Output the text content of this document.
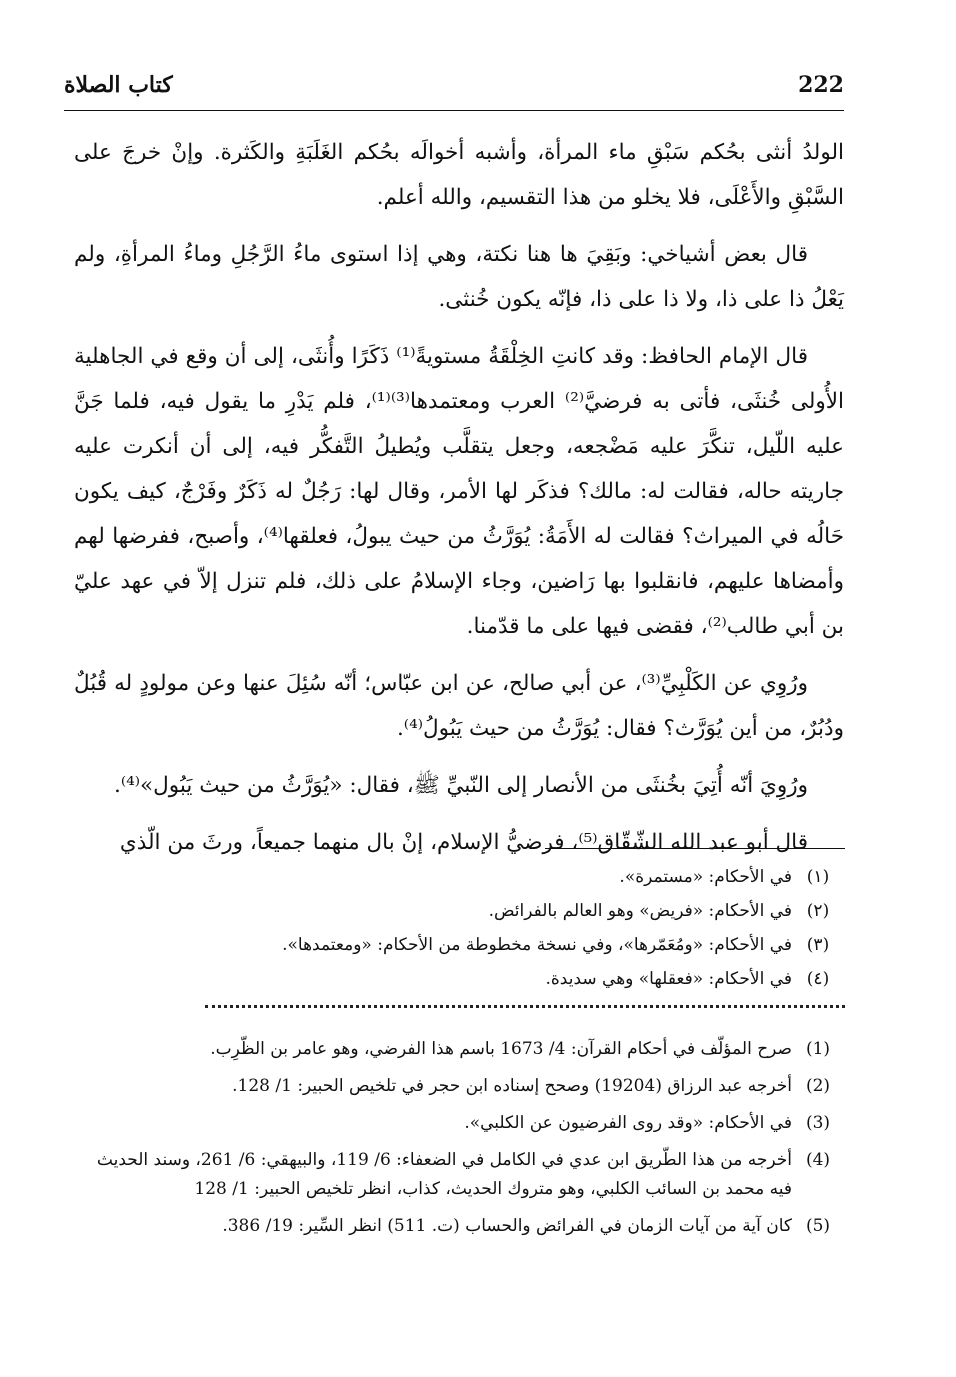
222
كتاب الصلاة

الولدُ أنثى بحُكم سَبْقِ ماء المرأة، وأشبه أخوالَه بحُكم الغَلَبَةِ والكَثرة. وإنْ خرجَ على السَّبْقِ والأَعْلَى، فلا يخلو من هذا التقسيم، والله أعلم.

قال بعض أشياخي: وبَقِيَ ها هنا نكتة، وهي إذا استوى ماءُ الرَّجُلِ وماءُ المرأةِ، ولم يَعْلُ ذا على ذا، ولا ذا على ذا، فإنّه يكون خُنثى.

قال الإمام الحافظ: وقد كانتِ الخِلْقَةُ مستويةً⁽¹⁾ ذَكَرًا وأُنثَى، إلى أن وقع في الجاهلية الأُولى خُنثَى، فأتى به فرضيَّ⁽²⁾ العرب ومعتمدها⁽³⁾⁽¹⁾، فلم يَدْرِ ما يقول فيه، فلما جَنَّ عليه اللّيل، تنكَّرَ عليه مَضْجعه، وجعل يتقلَّب ويُطيلُ التَّفكُّر فيه، إلى أن أنكرت عليه جاريته حاله، فقالت له: مالك؟ فذكَر لها الأمر، وقال لها: رَجُلٌ له ذَكَرٌ وفَرْجٌ، كيف يكون حَالُه في الميراث؟ فقالت له الأَمَةُ: يُوَرَّثُ من حيث يبولُ، فعلقها⁽⁴⁾، وأصبح، ففرضها لهم وأمضاها عليهم، فانقلبوا بها رَاضين، وجاء الإسلامُ على ذلك، فلم تنزل إلاّ في عهد عليّ بن أبي طالب⁽²⁾، فقضى فيها على ما قدّمنا.

ورُوِي عن الكَلْبِيِّ⁽³⁾، عن أبي صالح، عن ابن عبّاس؛ أنّه سُئِلَ عنها وعن مولودٍ له قُبُلٌ ودُبُرٌ، من أين يُوَرَّث؟ فقال: يُوَرَّثُ من حيث يَبُولُ⁽⁴⁾.

ورُوِيَ أنّه أُتِيَ بخُنثَى من الأنصار إلى النّبيِّ ﷺ، فقال: «يُوَرَّثُ من حيث يَبُول»⁽⁴⁾.

قال أبو عبد الله الشّقّاق⁽⁵⁾، فرضيُّ الإسلام، إنْ بال منهما جميعاً، ورثَ من الّذي

(١)
في الأحكام: «مستمرة».
(٢)
في الأحكام: «فريض» وهو العالم بالفرائض.
(٣)
في الأحكام: «ومُعَمّرها»، وفي نسخة مخطوطة من الأحكام: «ومعتمدها».
(٤)
في الأحكام: «فعقلها» وهي سديدة.
(1)
صرح المؤلّف في أحكام القرآن: 4/ 1673 باسم هذا الفرضي، وهو عامر بن الظّرِب.
(2)
أخرجه عبد الرزاق (19204) وصحح إسناده ابن حجر في تلخيص الحبير: 1/ 128.
(3)
في الأحكام: «وقد روى الفرضيون عن الكلبي».
(4)
أخرجه من هذا الطّريق ابن عدي في الكامل في الضعفاء: 6/ 119، والبيهقي: 6/ 261، وسند الحديث فيه محمد بن السائب الكلبي، وهو متروك الحديث، كذاب، انظر تلخيص الحبير: 1/ 128
(5)
كان آية من آيات الزمان في الفرائض والحساب (ت. 511) انظر السِّير: 19/ 386.
